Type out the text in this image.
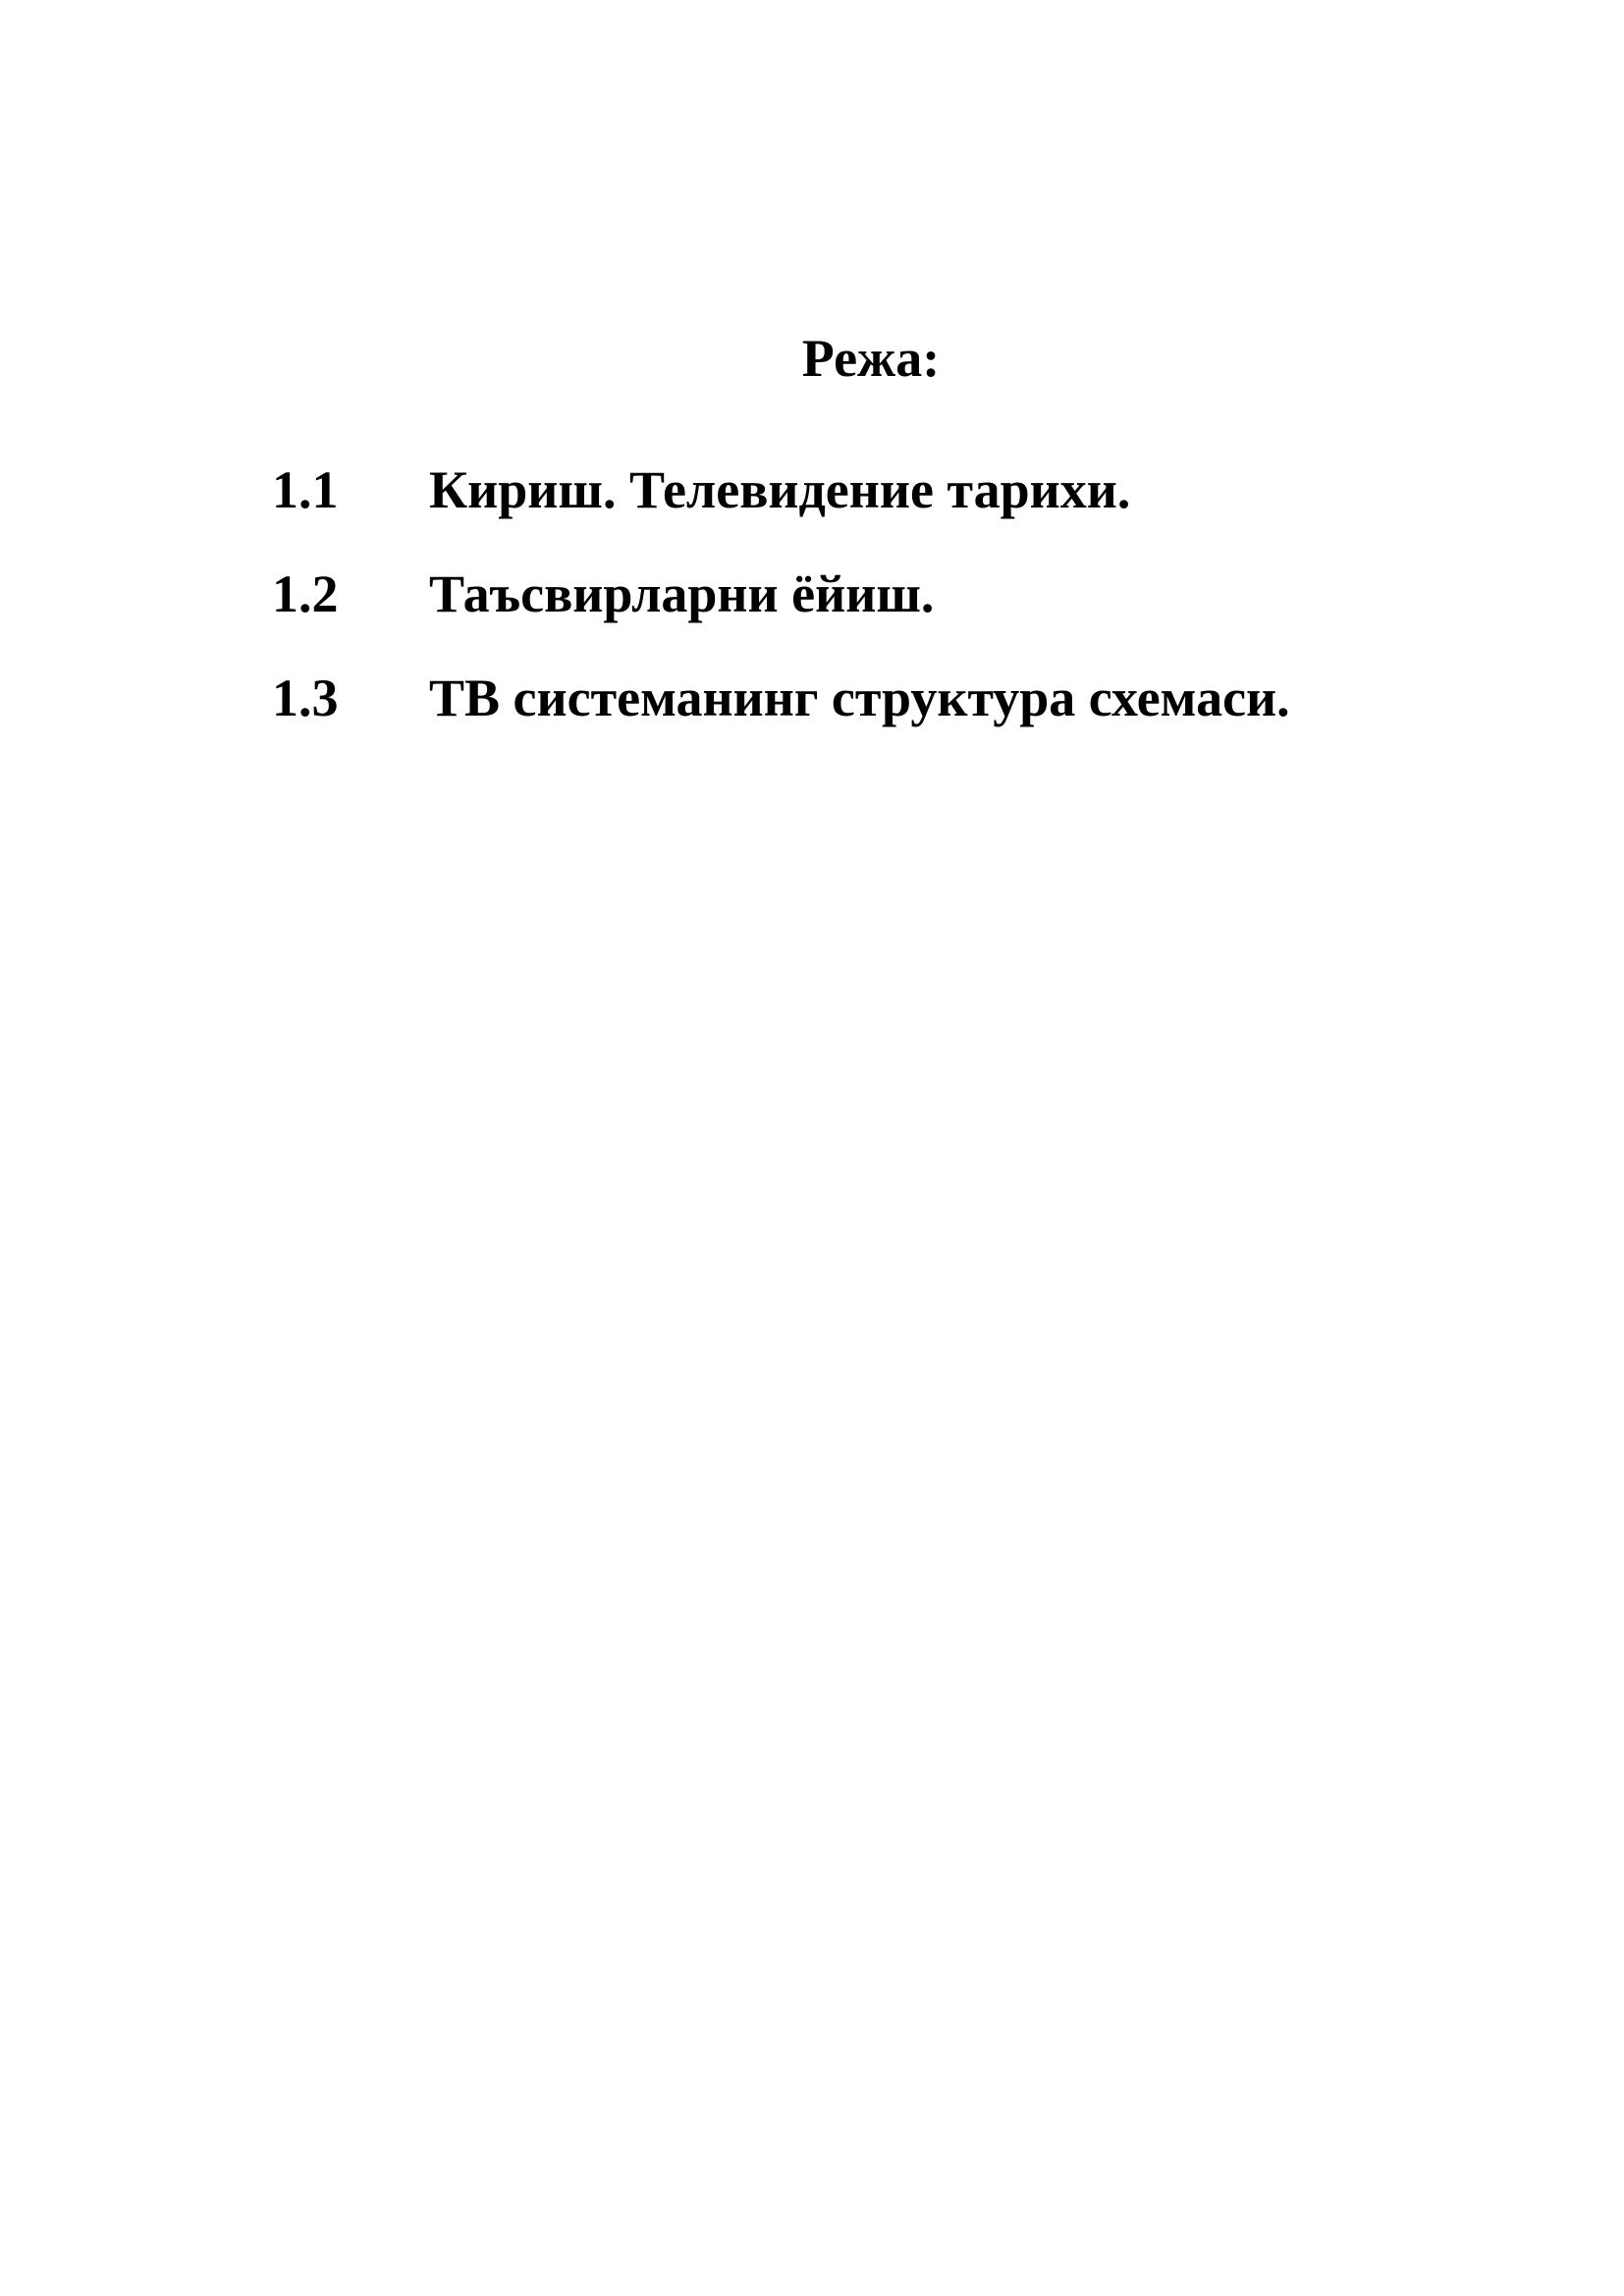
Режа:
1.1	Кириш. Телевидение тарихи.
1.2	Таъсвирларни ёйиш.
1.3	ТВ системанинг структура схемаси.
